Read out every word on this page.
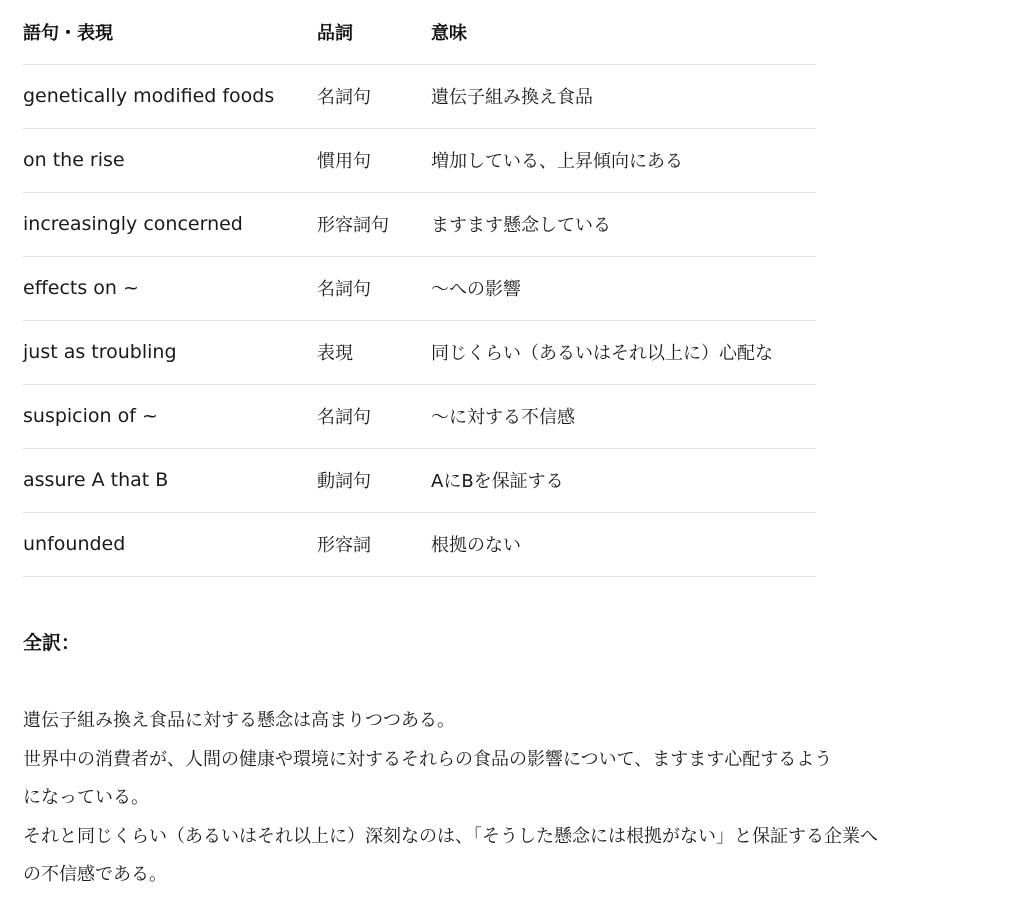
語句・表現	品詞	意味
genetically modified foods	名詞句	遺伝子組み換え食品
on the rise	慣用句	増加している、上昇傾向にある
increasingly concerned	形容詞句	ますます懸念している
effects on ~	名詞句	〜への影響
just as troubling	表現	同じくらい（あるいはそれ以上に）心配な
suspicion of ~	名詞句	〜に対する不信感
assure A that B	動詞句	AにBを保証する
unfounded	形容詞	根拠のない
全訳：

遺伝子組み換え食品に対する懸念は高まりつつある。
世界中の消費者が、人間の健康や環境に対するそれらの食品の影響について、ますます心配するよう
になっている。
それと同じくらい（あるいはそれ以上に）深刻なのは、「そうした懸念には根拠がない」と保証する企業へ
の不信感である。
